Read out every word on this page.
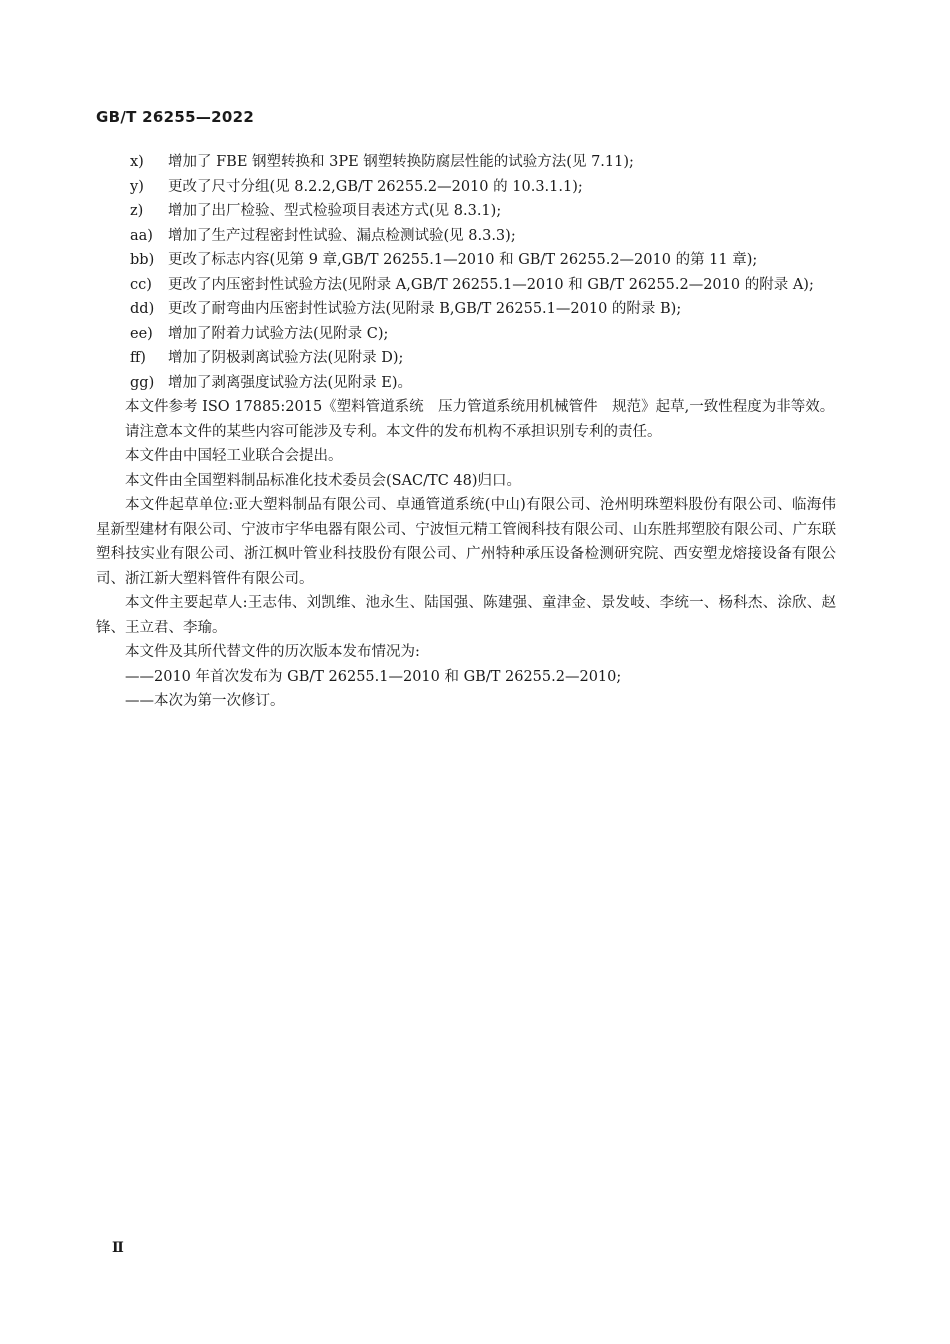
GB/T 26255—2022
x)	增加了 FBE 钢塑转换和 3PE 钢塑转换防腐层性能的试验方法(见 7.11);
y)	更改了尺寸分组(见 8.2.2,GB/T 26255.2—2010 的 10.3.1.1);
z)	增加了出厂检验、型式检验项目表述方式(见 8.3.1);
aa)	增加了生产过程密封性试验、漏点检测试验(见 8.3.3);
bb) 更改了标志内容(见第 9 章,GB/T 26255.1—2010 和 GB/T 26255.2—2010 的第 11 章);
cc)	更改了内压密封性试验方法(见附录 A,GB/T 26255.1—2010 和 GB/T 26255.2—2010 的附录 A);
dd) 更改了耐弯曲内压密封性试验方法(见附录 B,GB/T 26255.1—2010 的附录 B);
ee)	增加了附着力试验方法(见附录 C);
ff)	增加了阴极剥离试验方法(见附录 D);
gg) 增加了剥离强度试验方法(见附录 E)。

本文件参考 ISO 17885:2015《塑料管道系统　压力管道系统用机械管件　规范》起草,一致性程度为非等效。

请注意本文件的某些内容可能涉及专利。本文件的发布机构不承担识别专利的责任。

本文件由中国轻工业联合会提出。

本文件由全国塑料制品标准化技术委员会(SAC/TC 48)归口。

本文件起草单位:亚大塑料制品有限公司、卓通管道系统(中山)有限公司、沧州明珠塑料股份有限公司、临海伟星新型建材有限公司、宁波市宇华电器有限公司、宁波恒元精工管阀科技有限公司、山东胜邦塑胶有限公司、广东联塑科技实业有限公司、浙江枫叶管业科技股份有限公司、广州特种承压设备检测研究院、西安塑龙熔接设备有限公司、浙江新大塑料管件有限公司。

本文件主要起草人:王志伟、刘凯维、池永生、陆国强、陈建强、童津金、景发岐、李统一、杨科杰、涂欣、赵锋、王立君、李瑜。

本文件及其所代替文件的历次版本发布情况为:

——2010 年首次发布为 GB/T 26255.1—2010 和 GB/T 26255.2—2010;

——本次为第一次修订。

Ⅱ
